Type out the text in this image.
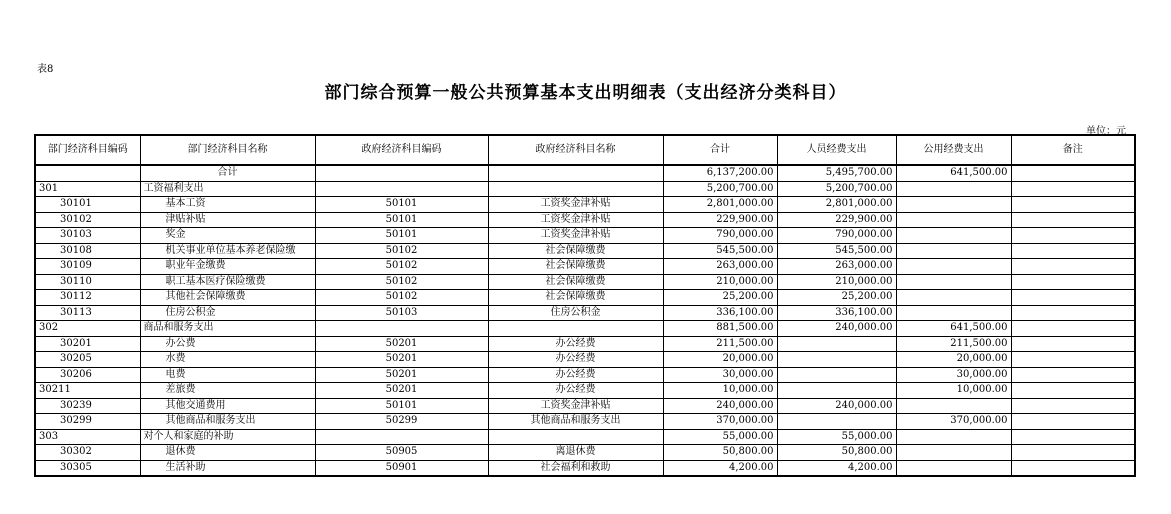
表8
部门综合预算一般公共预算基本支出明细表（支出经济分类科目）
单位：元
部门经济科目编码	部门经济科目名称	政府经济科目编码	政府经济科目名称	合计	人员经费支出	公用经费支出	备注
	合计			6,137,200.00	5,495,700.00	641,500.00	
301	工资福利支出			5,200,700.00	5,200,700.00		
30101	基本工资	50101	工资奖金津补贴	2,801,000.00	2,801,000.00		
30102	津贴补贴	50101	工资奖金津补贴	229,900.00	229,900.00		
30103	奖金	50101	工资奖金津补贴	790,000.00	790,000.00		
30108	机关事业单位基本养老保险缴	50102	社会保障缴费	545,500.00	545,500.00		
30109	职业年金缴费	50102	社会保障缴费	263,000.00	263,000.00		
30110	职工基本医疗保险缴费	50102	社会保障缴费	210,000.00	210,000.00		
30112	其他社会保障缴费	50102	社会保障缴费	25,200.00	25,200.00		
30113	住房公积金	50103	住房公积金	336,100.00	336,100.00		
302	商品和服务支出			881,500.00	240,000.00	641,500.00	
30201	办公费	50201	办公经费	211,500.00		211,500.00	
30205	水费	50201	办公经费	20,000.00		20,000.00	
30206	电费	50201	办公经费	30,000.00		30,000.00	
30211	差旅费	50201	办公经费	10,000.00		10,000.00	
30239	其他交通费用	50101	工资奖金津补贴	240,000.00	240,000.00		
30299	其他商品和服务支出	50299	其他商品和服务支出	370,000.00		370,000.00	
303	对个人和家庭的补助			55,000.00	55,000.00		
30302	退休费	50905	离退休费	50,800.00	50,800.00		
30305	生活补助	50901	社会福利和救助	4,200.00	4,200.00		
